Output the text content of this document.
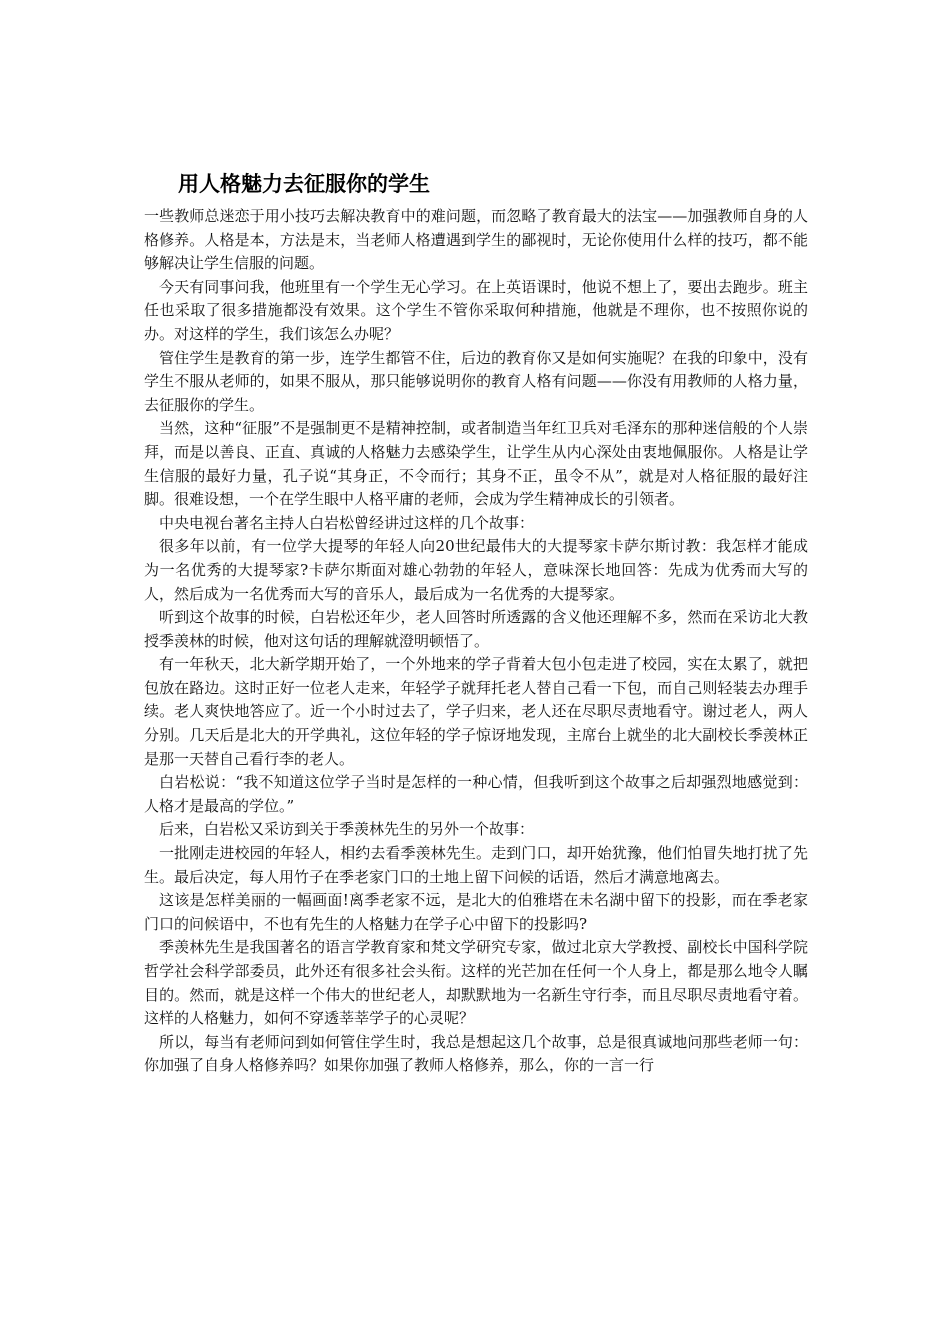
用人格魅力去征服你的学生

一些教师总迷恋于用小技巧去解决教育中的难问题，而忽略了教育最大的法宝——加强教师自身的人格修养。人格是本，方法是末，当老师人格遭遇到学生的鄙视时，无论你使用什么样的技巧，都不能够解决让学生信服的问题。

今天有同事问我，他班里有一个学生无心学习。在上英语课时，他说不想上了，要出去跑步。班主任也采取了很多措施都没有效果。这个学生不管你采取何种措施，他就是不理你，也不按照你说的办。对这样的学生，我们该怎么办呢？

管住学生是教育的第一步，连学生都管不住，后边的教育你又是如何实施呢？在我的印象中，没有学生不服从老师的，如果不服从，那只能够说明你的教育人格有问题——你没有用教师的人格力量，去征服你的学生。

当然，这种“征服”不是强制更不是精神控制，或者制造当年红卫兵对毛泽东的那种迷信般的个人崇拜，而是以善良、正直、真诚的人格魅力去感染学生，让学生从内心深处由衷地佩服你。人格是让学生信服的最好力量，孔子说“其身正，不令而行；其身不正，虽令不从”，就是对人格征服的最好注脚。很难设想，一个在学生眼中人格平庸的老师，会成为学生精神成长的引领者。

中央电视台著名主持人白岩松曾经讲过这样的几个故事：

很多年以前，有一位学大提琴的年轻人向20世纪最伟大的大提琴家卡萨尔斯讨教：我怎样才能成为一名优秀的大提琴家?卡萨尔斯面对雄心勃勃的年轻人，意味深长地回答：先成为优秀而大写的人，然后成为一名优秀而大写的音乐人，最后成为一名优秀的大提琴家。

听到这个故事的时候，白岩松还年少，老人回答时所透露的含义他还理解不多，然而在采访北大教授季羡林的时候，他对这句话的理解就澄明顿悟了。

有一年秋天，北大新学期开始了，一个外地来的学子背着大包小包走进了校园，实在太累了，就把包放在路边。这时正好一位老人走来，年轻学子就拜托老人替自己看一下包，而自己则轻装去办理手续。老人爽快地答应了。近一个小时过去了，学子归来，老人还在尽职尽责地看守。谢过老人，两人分别。几天后是北大的开学典礼，这位年轻的学子惊讶地发现，主席台上就坐的北大副校长季羡林正是那一天替自己看行李的老人。

白岩松说：“我不知道这位学子当时是怎样的一种心情，但我听到这个故事之后却强烈地感觉到：人格才是最高的学位。”

后来，白岩松又采访到关于季羡林先生的另外一个故事：

一批刚走进校园的年轻人，相约去看季羡林先生。走到门口，却开始犹豫，他们怕冒失地打扰了先生。最后决定，每人用竹子在季老家门口的土地上留下问候的话语，然后才满意地离去。

这该是怎样美丽的一幅画面!离季老家不远，是北大的伯雅塔在未名湖中留下的投影，而在季老家门口的问候语中，不也有先生的人格魅力在学子心中留下的投影吗?

季羡林先生是我国著名的语言学教育家和梵文学研究专家，做过北京大学教授、副校长中国科学院哲学社会科学部委员，此外还有很多社会头衔。这样的光芒加在任何一个人身上，都是那么地令人瞩目的。然而，就是这样一个伟大的世纪老人，却默默地为一名新生守行李，而且尽职尽责地看守着。这样的人格魅力，如何不穿透莘莘学子的心灵呢？

所以，每当有老师问到如何管住学生时，我总是想起这几个故事，总是很真诚地问那些老师一句：你加强了自身人格修养吗？如果你加强了教师人格修养，那么，你的一言一行
